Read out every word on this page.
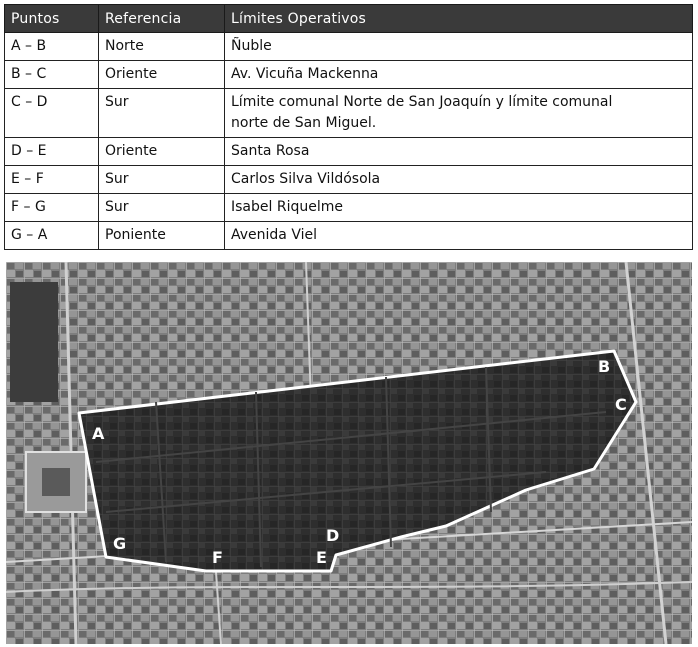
Puntos	Referencia	Límites Operativos
A – B	Norte	Ñuble
B – C	Oriente	Av. Vicuña Mackenna
C – D	Sur	Límite comunal Norte de San Joaquín y límite comunal
norte de San Miguel.
D – E	Oriente	Santa Rosa
E – F	Sur	Carlos Silva Vildósola
F – G	Sur	Isabel Riquelme
G – A	Poniente	Avenida Viel
A
B
C
D
E
F
G
